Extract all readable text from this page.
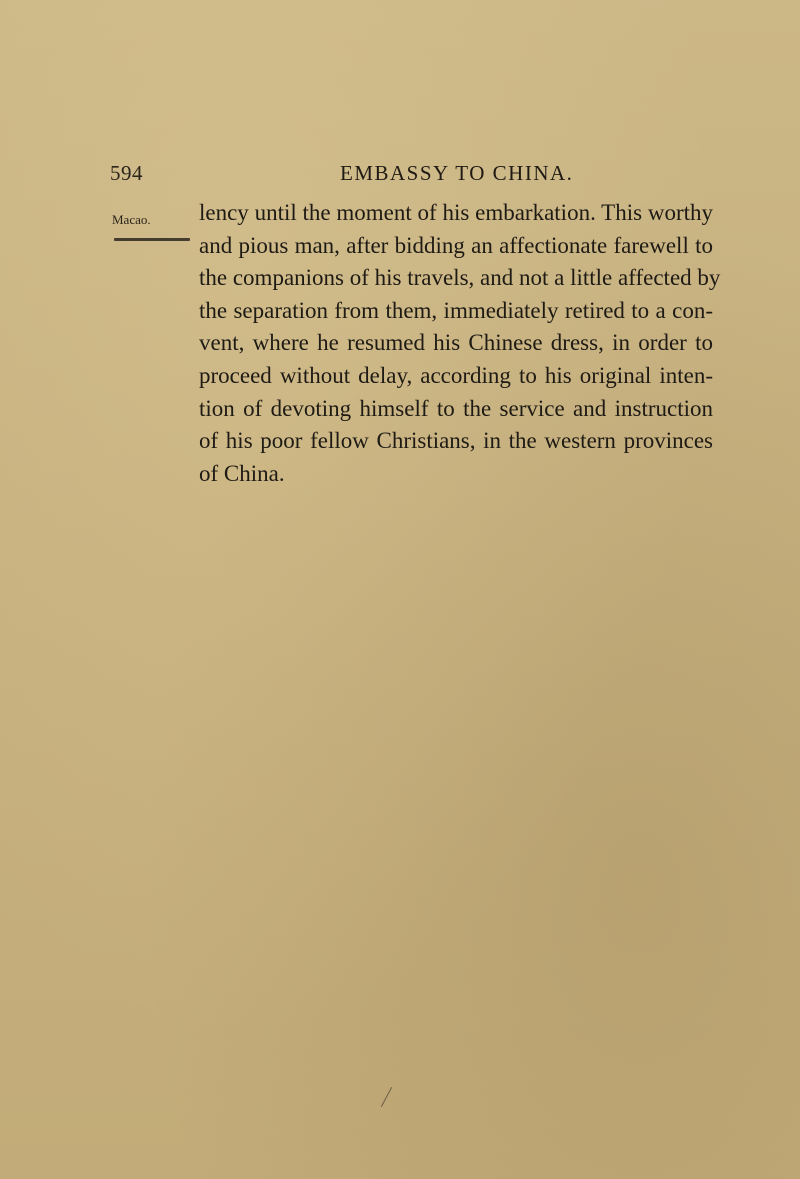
594	EMBASSY TO CHINA.
Macao.	lency until the moment of his embarkation. This worthy
and pious man, after bidding an affectionate farewell to
the companions of his travels, and not a little affected by
the separation from them, immediately retired to a con-
vent, where he resumed his Chinese dress, in order to
proceed without delay, according to his original inten-
tion of devoting himself to the service and instruction
of his poor fellow Christians, in the western provinces
of China.
